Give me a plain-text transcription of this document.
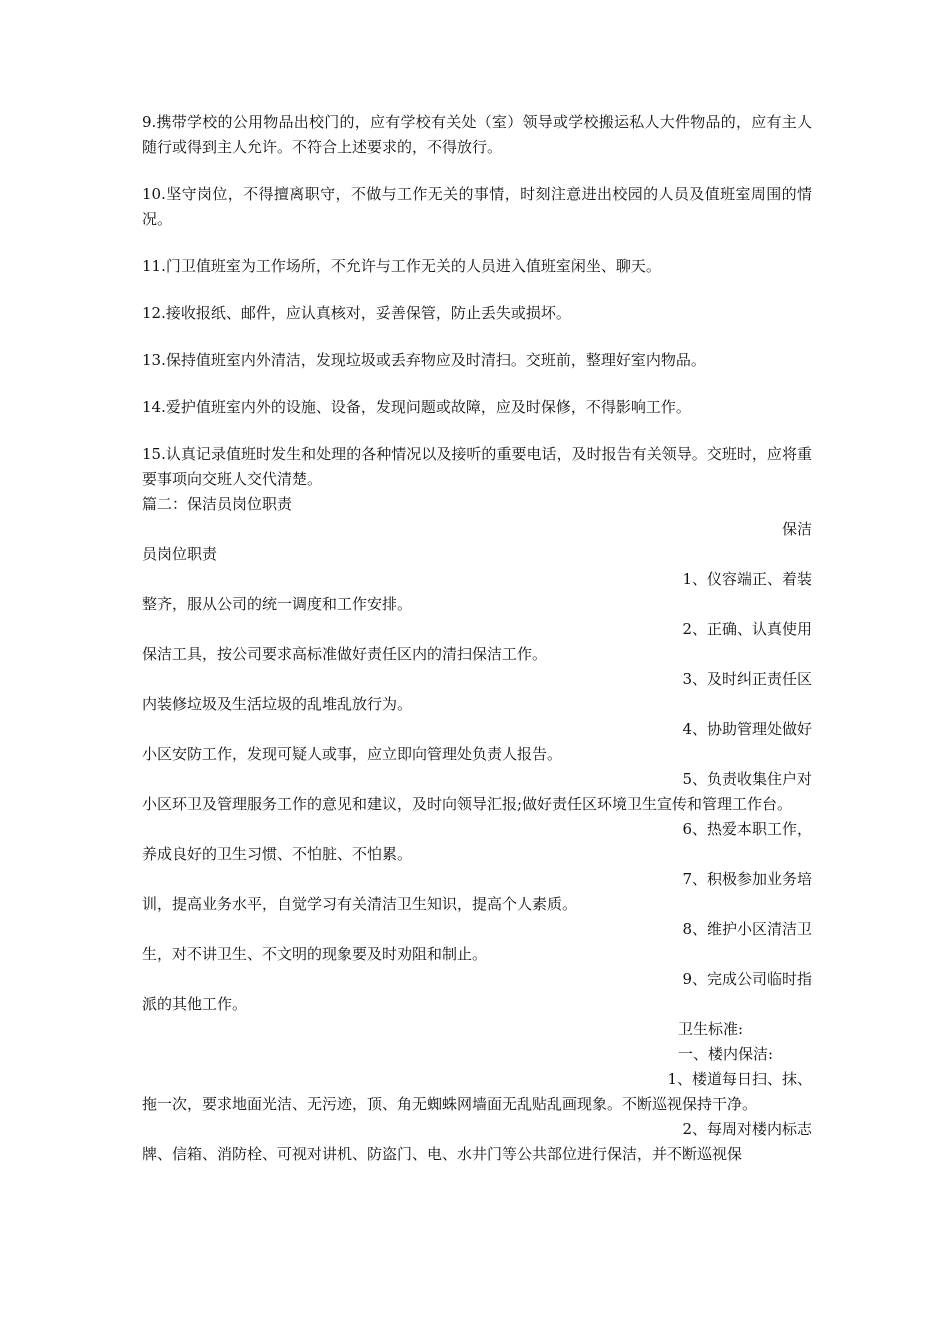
9.携带学校的公用物品出校门的，应有学校有关处（室）领导或学校搬运私人大件物品的，应有主人随行或得到主人允许。不符合上述要求的，不得放行。

10.坚守岗位，不得擅离职守，不做与工作无关的事情，时刻注意进出校园的人员及值班室周围的情况。

11.门卫值班室为工作场所，不允许与工作无关的人员进入值班室闲坐、聊天。

12.接收报纸、邮件，应认真核对，妥善保管，防止丢失或损坏。

13.保持值班室内外清洁，发现垃圾或丢弃物应及时清扫。交班前，整理好室内物品。

14.爱护值班室内外的设施、设备，发现问题或故障，应及时保修，不得影响工作。

15.认真记录值班时发生和处理的各种情况以及接听的重要电话，及时报告有关领导。交班时，应将重要事项向交班人交代清楚。

篇二：保洁员岗位职责

保洁

员岗位职责

1、仪容端正、着装

整齐，服从公司的统一调度和工作安排。

2、正确、认真使用

保洁工具，按公司要求高标准做好责任区内的清扫保洁工作。

3、及时纠正责任区

内装修垃圾及生活垃圾的乱堆乱放行为。

4、协助管理处做好

小区安防工作，发现可疑人或事，应立即向管理处负责人报告。

5、负责收集住户对

小区环卫及管理服务工作的意见和建议，及时向领导汇报;做好责任区环境卫生宣传和管理工作台。

6、热爱本职工作，

养成良好的卫生习惯、不怕脏、不怕累。

7、积极参加业务培

训，提高业务水平，自觉学习有关清洁卫生知识，提高个人素质。

8、维护小区清洁卫

生，对不讲卫生、不文明的现象要及时劝阻和制止。

9、完成公司临时指

派的其他工作。

卫生标准:

一、楼内保洁:

1、楼道每日扫、抹、

拖一次，要求地面光洁、无污迹，顶、角无蜘蛛网墙面无乱贴乱画现象。不断巡视保持干净。

2、每周对楼内标志

牌、信箱、消防栓、可视对讲机、防盗门、电、水井门等公共部位进行保洁，并不断巡视保
